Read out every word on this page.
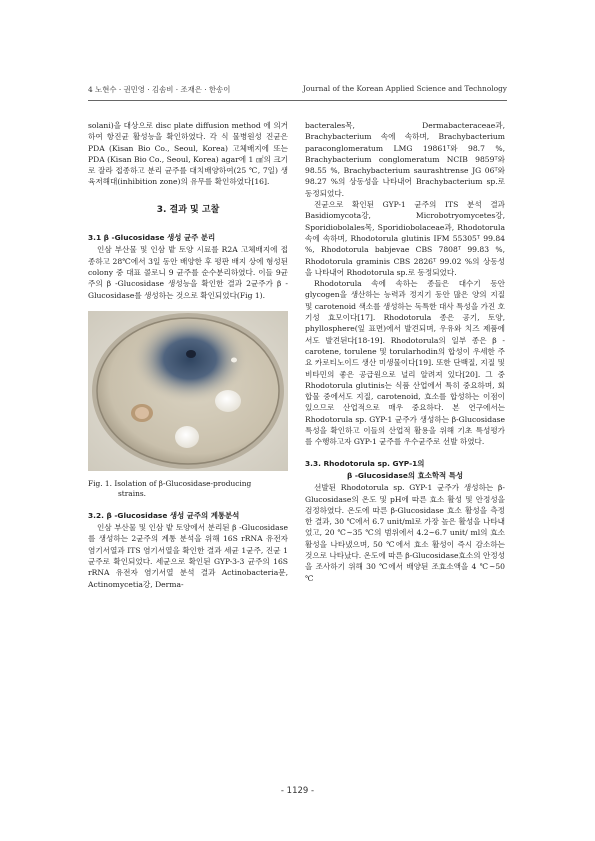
4 노현수 · 권민영 · 김솜비 · 조재은 · 한송이	Journal of the Korean Applied Science and Technology

solani)을 대상으로 disc plate diffusion method 에 의거하여 항진균 활성능을 확인하였다. 각 식 물병원성 진균은 PDA (Kisan Bio Co., Seoul, Korea) 고체배지에 또는 PDA (Kisan Bio Co., Seoul, Korea) agar에 1 ㎠의 크기로 잘라 접종하고 분리 균주를 대치배양하여(25 ℃, 7일) 생육저해대(inhibition zone)의 유무를 확인하였다[16].

3. 결과 및 고찰
3.1 β -Glucosidase 생성 균주 분리

인삼 부산물 및 인삼 밭 토양 시료를 R2A 고체배지에 접종하고 28℃에서 3일 동안 배양한 후 평판 배지 상에 형성된 colony 중 대표 콜로니 9 균주를 순수분리하였다. 이들 9균주의 β -Glucosidase 생성능을 확인한 결과 2균주가 β -Glucosidase를 생성하는 것으로 확인되었다(Fig 1).

Fig. 1. Isolation of β-Glucosidase-producing
strains.
3.2. β -Glucosidase 생성 균주의 계통분석

인삼 부산물 및 인삼 밭 토양에서 분리된 β -Glucosidase를 생성하는 2균주의 계통 분석을 위해 16S rRNA 유전자 염기서열과 ITS 염기서열을 확인한 결과 세균 1균주, 진균 1균주로 확인되었다. 세균으로 확인된 GYP-3-3 균주의 16S rRNA 유전자 염기서열 분석 결과 Actinobacteria문, Actinomycetia강, Derma-

bacterales목, Dermabacteraceae과, Brachybacterium 속에 속하며, Brachybacterium paraconglomeratum LMG 19861ᵀ와 98.7 %, Brachybacterium conglomeratum NCIB 9859ᵀ와 98.55 %, Brachybacterium saurashtrense JG 06ᵀ와 98.27 %의 상동성을 나타내어 Brachybacterium sp.로 동정되었다.

진균으로 확인된 GYP-1 균주의 ITS 분석 결과 Basidiomycota강, Microbotryomycetes강, Sporidiobolales목, Sporidiobolaceae과, Rhodotorula 속에 속하며, Rhodotorula glutinis IFM 55305ᵀ 99.84 %, Rhodotorula babjevae CBS 7808ᵀ 99.83 %, Rhodotorula graminis CBS 2826ᵀ 99.02 %의 상동성을 나타내어 Rhodotorula sp.로 동정되었다.

Rhodotorula 속에 속하는 종들은 대수기 동안 glycogen을 생산하는 능력과 정지기 동안 많은 양의 지질 및 carotenoid 색소를 생성하는 독특한 대사 특성을 가진 호기성 효모이다[17]. Rhodotorula 종은 공기, 토양, phyllosphere(잎 표면)에서 발견되며, 우유와 치즈 제품에서도 발견된다[18-19]. Rhodotorula의 일부 종은 β -carotene, torulene 및 torularhodin의 합성이 우세한 주요 카로티노이드 생산 미생물이다[19]. 또한 단백질, 지질 및 비타민의 좋은 공급원으로 널리 알려져 있다[20]. 그 중 Rhodotorula glutinis는 식품 산업에서 특히 중요하며, 회합물 중에서도 지질, carotenoid, 효소를 합성하는 이점이 있으므로 산업적으로 매우 중요하다. 본 연구에서는 Rhodotorula sp. GYP-1 균주가 생성하는 β-Glucosidase 특성을 확인하고 이들의 산업적 활용을 위해 기초 특성평가를 수행하고자 GYP-1 균주를 우수균주로 선발 하였다.

3.3. Rhodotorula sp. GYP-1의
β -Glucosidase의 효소학적 특성

선발된 Rhodotorula sp. GYP-1 균주가 생성하는 β-Glucosidase의 온도 및 pH에 따른 효소 활성 및 안정성을 검정하였다. 온도에 따른 β-Glucosidase 효소 활성을 측정한 결과, 30 ℃에서 6.7 unit/ml로 가장 높은 활성을 나타내었고, 20 ℃~35 ℃의 범위에서 4.2~6.7 unit/ ml의 효소 활성을 나타냈으며, 50 ℃에서 효소 활성이 즉시 감소하는 것으로 나타났다. 온도에 따른 β-Glucosidase효소의 안정성을 조사하기 위해 30 ℃에서 배양된 조효소액을 4 ℃~50 ℃

- 1129 -
